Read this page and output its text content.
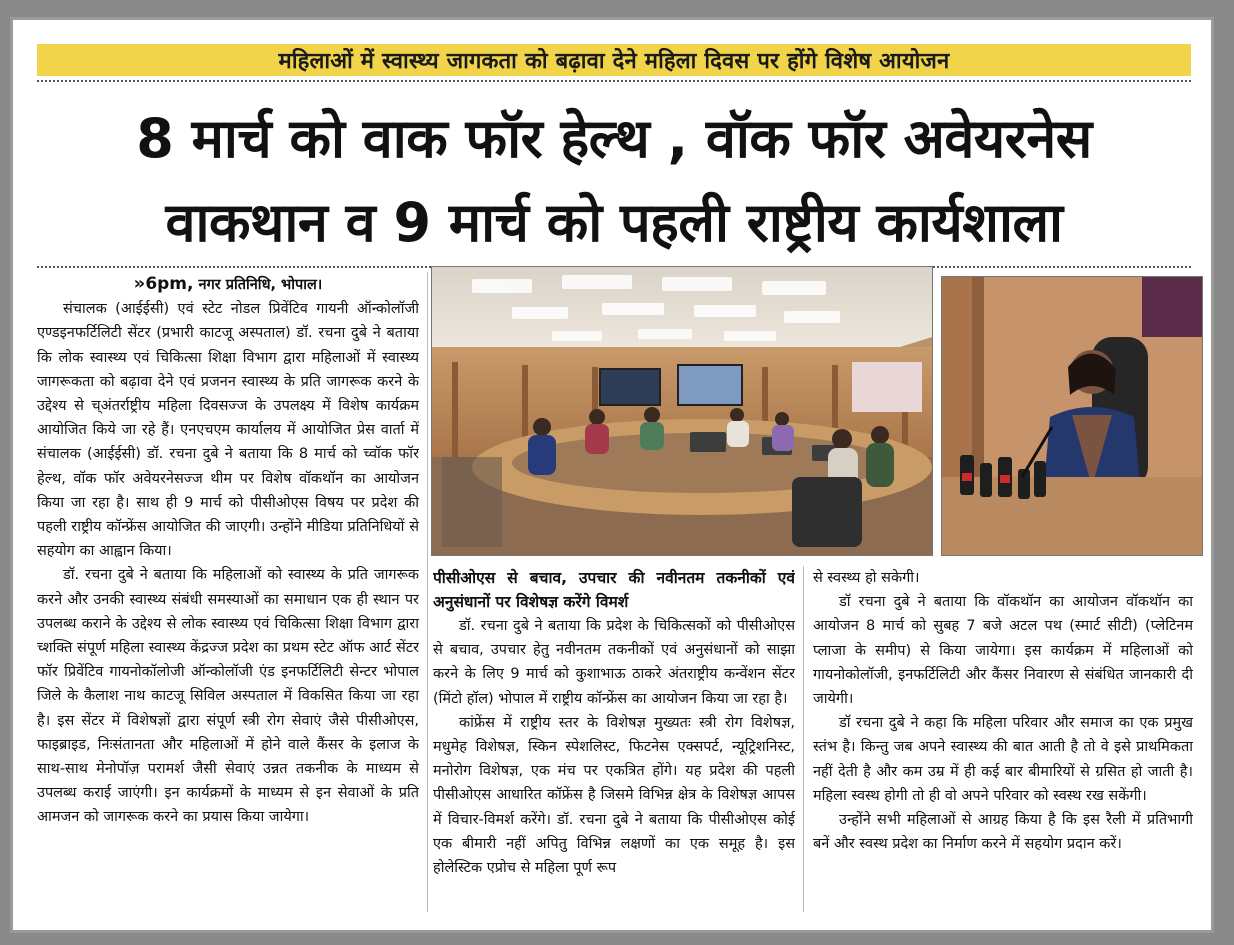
महिलाओं में स्वास्थ्य जागकता को बढ़ावा देने महिला दिवस पर होंगे विशेष आयोजन
8 मार्च को वाक फॉर हेल्थ , वॉक फॉर अवेयरनेस
वाकथान व 9 मार्च को पहली राष्ट्रीय कार्यशाला
»6pm, नगर प्रतिनिधि, भोपाल।

संचालक (आईईसी) एवं स्टेट नोडल प्रिवेंटिव गायनी ऑन्कोलॉजी एण्डइनफर्टिलिटी सेंटर (प्रभारी काटजू अस्पताल) डॉ. रचना दुबे ने बताया कि लोक स्वास्थ्य एवं चिकित्सा शिक्षा विभाग द्वारा महिलाओं में स्वास्थ्य जागरूकता को बढ़ावा देने एवं प्रजनन स्वास्थ्य के प्रति जागरूक करने के उद्देश्य से च्अंतर्राष्ट्रीय महिला दिवसज्ज के उपलक्ष्य में विशेष कार्यक्रम आयोजित किये जा रहे हैं। एनएचएम कार्यालय में आयोजित प्रेस वार्ता में संचालक (आईईसी) डॉ. रचना दुबे ने बताया कि 8 मार्च को च्वॉक फॉर हेल्थ, वॉक फॉर अवेयरनेसज्ज थीम पर विशेष वॉकथॉन का आयोजन किया जा रहा है। साथ ही 9 मार्च को पीसीओएस विषय पर प्रदेश की पहली राष्ट्रीय कॉन्फ्रेंस आयोजित की जाएगी। उन्होंने मीडिया प्रतिनिधियों से सहयोग का आह्वान किया।

डॉ. रचना दुबे ने बताया कि महिलाओं को स्वास्थ्य के प्रति जागरूक करने और उनकी स्वास्थ्य संबंधी समस्याओं का समाधान एक ही स्थान पर उपलब्ध कराने के उद्देश्य से लोक स्वास्थ्य एवं चिकित्सा शिक्षा विभाग द्वारा च्शक्ति संपूर्ण महिला स्वास्थ्य केंद्रज्ज प्रदेश का प्रथम स्टेट ऑफ आर्ट सेंटर फॉर प्रिवेंटिव गायनोकॉलोजी ऑन्कोलॉजी एंड इनफर्टिलिटी सेन्टर भोपाल जिले के कैलाश नाथ काटजू सिविल अस्पताल में विकसित किया जा रहा है। इस सेंटर में विशेषज्ञों द्वारा संपूर्ण स्त्री रोग सेवाएं जैसे पीसीओएस, फाइब्राइड, निःसंतानता और महिलाओं में होने वाले कैंसर के इलाज के साथ-साथ मेनोपॉज़ परामर्श जैसी सेवाएं उन्नत तकनीक के माध्यम से उपलब्ध कराई जाएंगी। इन कार्यक्रमों के माध्यम से इन सेवाओं के प्रति आमजन को जागरूक करने का प्रयास किया जायेगा।

पीसीओएस से बचाव, उपचार की नवीनतम तकनीकों एवं अनुसंधानों पर विशेषज्ञ करेंगे विमर्श

डॉ. रचना दुबे ने बताया कि प्रदेश के चिकित्सकों को पीसीओएस से बचाव, उपचार हेतु नवीनतम तकनीकों एवं अनुसंधानों को साझा करने के लिए 9 मार्च को कुशाभाऊ ठाकरे अंतराष्ट्रीय कन्वेंशन सेंटर (मिंटो हॉल) भोपाल में राष्ट्रीय कॉन्फ्रेंस का आयोजन किया जा रहा है।

कांफ्रेंस में राष्ट्रीय स्तर के विशेषज्ञ मुख्यतः स्त्री रोग विशेषज्ञ, मधुमेह विशेषज्ञ, स्किन स्पेशलिस्ट, फिटनेस एक्सपर्ट, न्यूट्रिशनिस्ट, मनोरोग विशेषज्ञ, एक मंच पर एकत्रित होंगे। यह प्रदेश की पहली पीसीओएस आधारित कॉफ्रेंस है जिसमे विभिन्न क्षेत्र के विशेषज्ञ आपस में विचार-विमर्श करेंगे। डॉ. रचना दुबे ने बताया कि पीसीओएस कोई एक बीमारी नहीं अपितु विभिन्न लक्षणों का एक समूह है। इस होलेस्टिक एप्रोच से महिला पूर्ण रूप

से स्वस्थ्य हो सकेगी।

डॉ रचना दुबे ने बताया कि वॉकथॉन का आयोजन वॉकथॉन का आयोजन 8 मार्च को सुबह 7 बजे अटल पथ (स्मार्ट सीटी) (प्लेटिनम प्लाजा के समीप) से किया जायेगा। इस कार्यक्रम में महिलाओं को गायनोकोलॉजी, इनफर्टिलिटी और कैंसर निवारण से संबंधित जानकारी दी जायेगी।

डॉ रचना दुबे ने कहा कि महिला परिवार और समाज का एक प्रमुख स्तंभ है। किन्तु जब अपने स्वास्थ्य की बात आती है तो वे इसे प्राथमिकता नहीं देती है और कम उम्र में ही कई बार बीमारियों से ग्रसित हो जाती है। महिला स्वस्थ होगी तो ही वो अपने परिवार को स्वस्थ रख सकेंगी।

उन्होंने सभी महिलाओं से आग्रह किया है कि इस रैली में प्रतिभागी बनें और स्वस्थ प्रदेश का निर्माण करने में सहयोग प्रदान करें।
